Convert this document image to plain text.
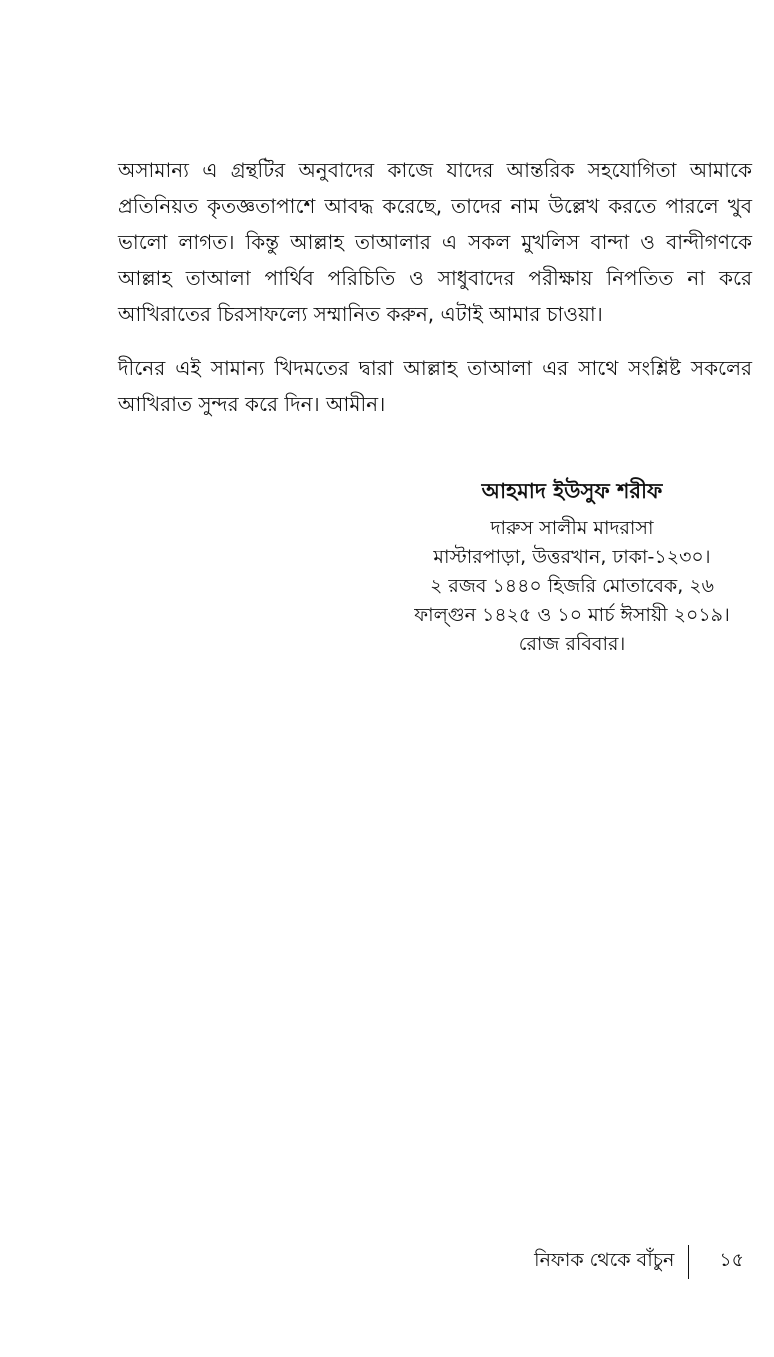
অসামান্য এ গ্রন্থটির অনুবাদের কাজে যাদের আন্তরিক সহযোগিতা আমাকে প্রতিনিয়ত কৃতজ্ঞতাপাশে আবদ্ধ করেছে, তাদের নাম উল্লেখ করতে পারলে খুব ভালো লাগত। কিন্তু আল্লাহ তাআলার এ সকল মুখলিস বান্দা ও বান্দীগণকে আল্লাহ তাআলা পার্থিব পরিচিতি ও সাধুবাদের পরীক্ষায় নিপতিত না করে আখিরাতের চিরসাফল্যে সম্মানিত করুন, এটাই আমার চাওয়া।

দীনের এই সামান্য খিদমতের দ্বারা আল্লাহ তাআলা এর সাথে সংশ্লিষ্ট সকলের আখিরাত সুন্দর করে দিন। আমীন।

আহমাদ ইউসুফ শরীফ
দারুস সালীম মাদরাসা
মাস্টারপাড়া, উত্তরখান, ঢাকা-১২৩০।
২ রজব ১৪৪০ হিজরি মোতাবেক, ২৬
ফাল্গুন ১৪২৫ ও ১০ মার্চ ঈসায়ী ২০১৯।
রোজ রবিবার।
নিফাক থেকে বাঁচুন	১৫
